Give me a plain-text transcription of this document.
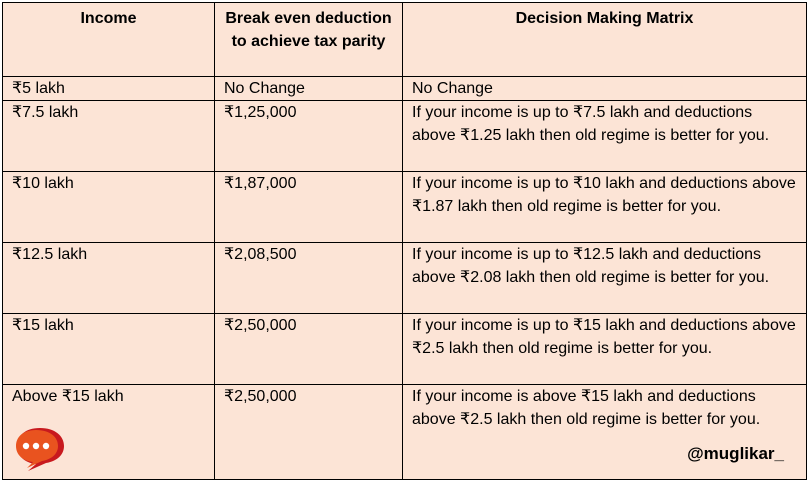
Income	Break even deduction to achieve tax parity	Decision Making Matrix
₹5 lakh	No Change	No Change
₹7.5 lakh	₹1,25,000	If your income is up to ₹7.5 lakh and deductions above ₹1.25 lakh then old regime is better for you.
₹10 lakh	₹1,87,000	If your income is up to ₹10 lakh and deductions above ₹1.87 lakh then old regime is better for you.
₹12.5 lakh	₹2,08,500	If your income is up to ₹12.5 lakh and deductions above ₹2.08 lakh then old regime is better for you.
₹15 lakh	₹2,50,000	If your income is up to ₹15 lakh and deductions above ₹2.5 lakh then old regime is better for you.
Above ₹15 lakh	₹2,50,000	If your income is above ₹15 lakh and deductions above ₹2.5 lakh then old regime is better for you.
@muglikar_
